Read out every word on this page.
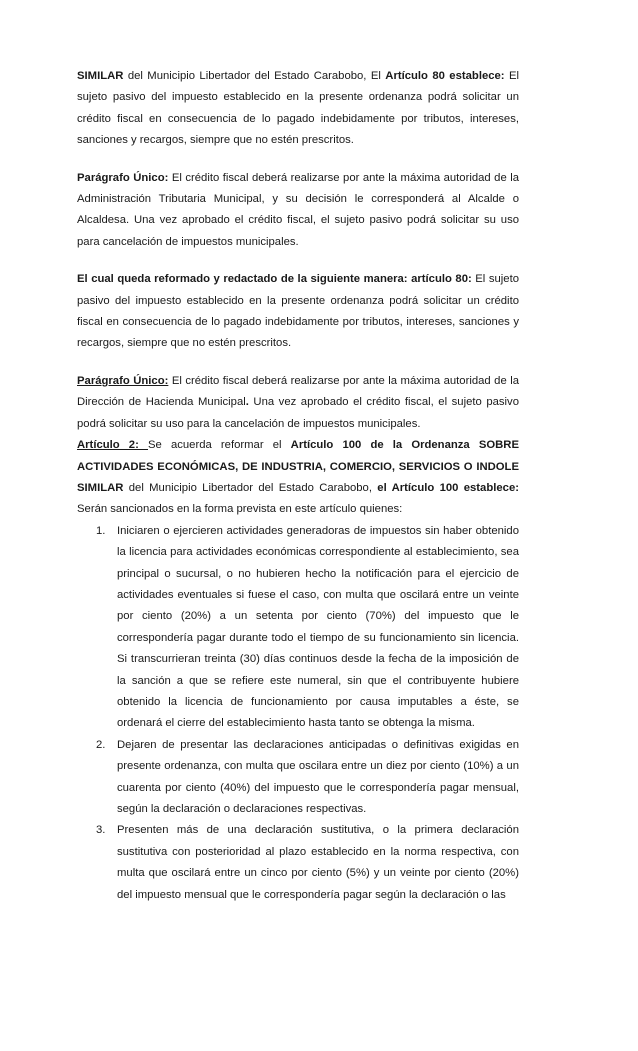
SIMILAR del Municipio Libertador del Estado Carabobo, El Artículo 80 establece: El sujeto pasivo del impuesto establecido en la presente ordenanza podrá solicitar un crédito fiscal en consecuencia de lo pagado indebidamente por tributos, intereses, sanciones y recargos, siempre que no estén prescritos.

Parágrafo Único: El crédito fiscal deberá realizarse por ante la máxima autoridad de la Administración Tributaria Municipal, y su decisión le corresponderá al Alcalde o Alcaldesa. Una vez aprobado el crédito fiscal, el sujeto pasivo podrá solicitar su uso para cancelación de impuestos municipales.

El cual queda reformado y redactado de la siguiente manera: artículo 80: El sujeto pasivo del impuesto establecido en la presente ordenanza podrá solicitar un crédito fiscal en consecuencia de lo pagado indebidamente por tributos, intereses, sanciones y recargos, siempre que no estén prescritos.

Parágrafo Único: El crédito fiscal deberá realizarse por ante la máxima autoridad de la Dirección de Hacienda Municipal. Una vez aprobado el crédito fiscal, el sujeto pasivo podrá solicitar su uso para la cancelación de impuestos municipales.

Artículo 2: Se acuerda reformar el Artículo 100 de la Ordenanza SOBRE ACTIVIDADES ECONÓMICAS, DE INDUSTRIA, COMERCIO, SERVICIOS O INDOLE SIMILAR del Municipio Libertador del Estado Carabobo, el Artículo 100 establece: Serán sancionados en la forma prevista en este artículo quienes:

1. Iniciaren o ejercieren actividades generadoras de impuestos sin haber obtenido la licencia para actividades económicas correspondiente al establecimiento, sea principal o sucursal, o no hubieren hecho la notificación para el ejercicio de actividades eventuales si fuese el caso, con multa que oscilará entre un veinte por ciento (20%) a un setenta por ciento (70%) del impuesto que le correspondería pagar durante todo el tiempo de su funcionamiento sin licencia. Si transcurrieran treinta (30) días continuos desde la fecha de la imposición de la sanción a que se refiere este numeral, sin que el contribuyente hubiere obtenido la licencia de funcionamiento por causa imputables a éste, se ordenará el cierre del establecimiento hasta tanto se obtenga la misma.
2. Dejaren de presentar las declaraciones anticipadas o definitivas exigidas en presente ordenanza, con multa que oscilara entre un diez por ciento (10%) a un cuarenta por ciento (40%) del impuesto que le correspondería pagar mensual, según la declaración o declaraciones respectivas.
3. Presenten más de una declaración sustitutiva, o la primera declaración sustitutiva con posterioridad al plazo establecido en la norma respectiva, con multa que oscilará entre un cinco por ciento (5%) y un veinte por ciento (20%) del impuesto mensual que le correspondería pagar según la declaración o las
